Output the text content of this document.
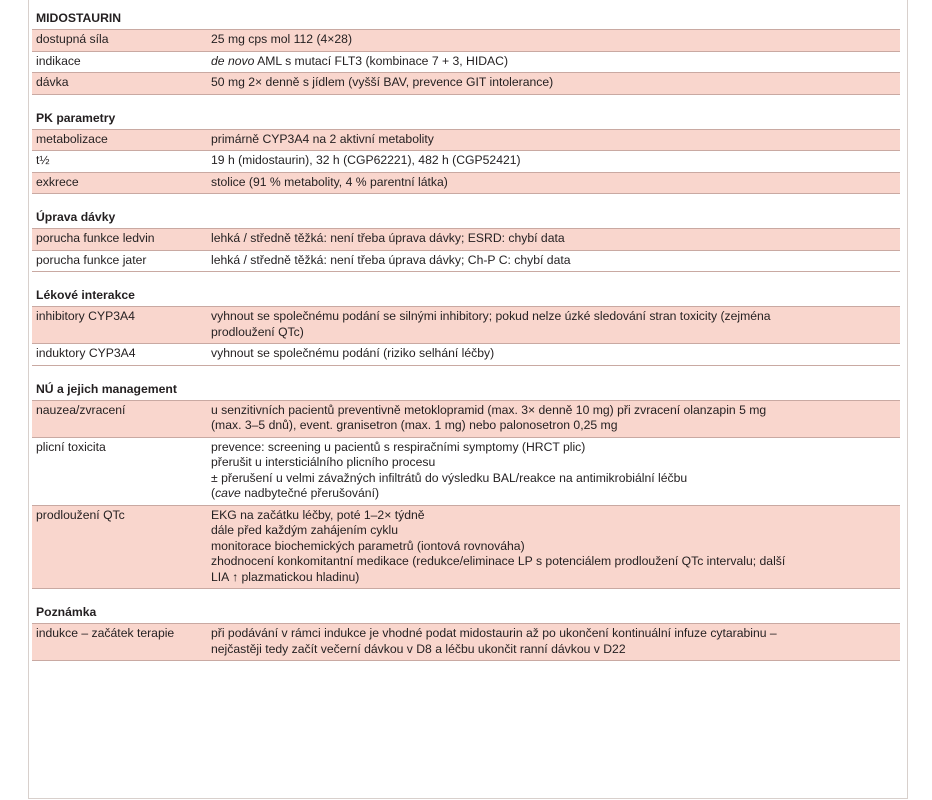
MIDOSTAURIN
dostupná síla	25 mg cps mol 112 (4×28)
indikace	de novo AML s mutací FLT3 (kombinace 7 + 3, HIDAC)
dávka	50 mg 2× denně s jídlem (vyšší BAV, prevence GIT intolerance)
PK parametry
metabolizace	primárně CYP3A4 na 2 aktivní metabolity
t½	19 h (midostaurin), 32 h (CGP62221), 482 h (CGP52421)
exkrece	stolice (91 % metabolity, 4 % parentní látka)
Úprava dávky
porucha funkce ledvin	lehká / středně těžká: není třeba úprava dávky; ESRD: chybí data
porucha funkce jater	lehká / středně těžká: není třeba úprava dávky; Ch-P C: chybí data
Lékové interakce
inhibitory CYP3A4	vyhnout se společnému podání se silnými inhibitory; pokud nelze úzké sledování stran toxicity (zejména
prodloužení QTc)
induktory CYP3A4	vyhnout se společnému podání (riziko selhání léčby)
NÚ a jejich management
nauzea/zvracení	u senzitivních pacientů preventivně metoklopramid (max. 3× denně 10 mg) při zvracení olanzapin 5 mg
(max. 3–5 dnů), event. granisetron (max. 1 mg) nebo palonosetron 0,25 mg
plicní toxicita	prevence: screening u pacientů s respiračními symptomy (HRCT plic)
přerušit u intersticiálního plicního procesu
± přerušení u velmi závažných infiltrátů do výsledku BAL/reakce na antimikrobiální léčbu
(cave nadbytečné přerušování)
prodloužení QTc	EKG na začátku léčby, poté 1–2× týdně
dále před každým zahájením cyklu
monitorace biochemických parametrů (iontová rovnováha)
zhodnocení konkomitantní medikace (redukce/eliminace LP s potenciálem prodloužení QTc intervalu; další
LIA ↑ plazmatickou hladinu)
Poznámka
indukce – začátek terapie	při podávání v rámci indukce je vhodné podat midostaurin až po ukončení kontinuální infuze cytarabinu –
nejčastěji tedy začít večerní dávkou v D8 a léčbu ukončit ranní dávkou v D22
